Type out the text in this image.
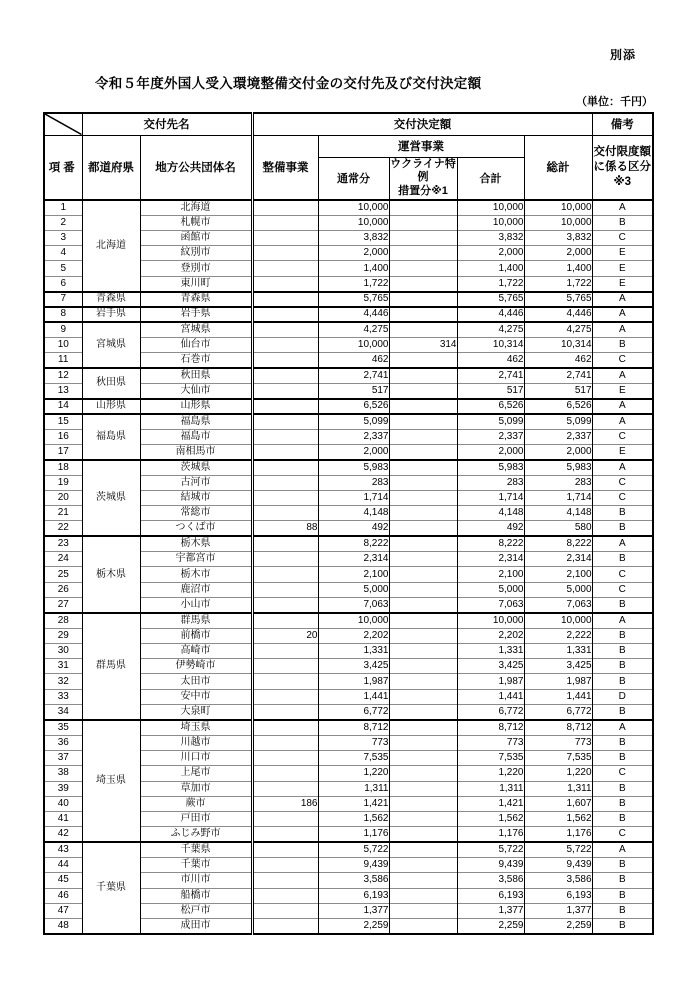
別添
令和５年度外国人受入環境整備交付金の交付先及び交付決定額
（単位：千円）
	交付先名		交付決定額					備考
項番	都道府県	地方公共団体名	整備事業	運営事業			総計	交付限度額
に係る区分
※3

				通常分	ウクライナ特例
措置分※1	合計		
1	北海道	北海道		10,000		10,000	10,000	A
2		札幌市		10,000		10,000	10,000	B
3		函館市		3,832		3,832	3,832	C
4		紋別市		2,000		2,000	2,000	E
5		登別市		1,400		1,400	1,400	E
6		東川町		1,722		1,722	1,722	E
7	青森県	青森県		5,765		5,765	5,765	A
8	岩手県	岩手県		4,446		4,446	4,446	A
9	宮城県	宮城県		4,275		4,275	4,275	A
10		仙台市		10,000	314	10,314	10,314	B
11		石巻市		462		462	462	C
12	秋田県	秋田県		2,741		2,741	2,741	A
13		大仙市		517		517	517	E
14	山形県	山形県		6,526		6,526	6,526	A
15	福島県	福島県		5,099		5,099	5,099	A
16		福島市		2,337		2,337	2,337	C
17		南相馬市		2,000		2,000	2,000	E
18	茨城県	茨城県		5,983		5,983	5,983	A
19		古河市		283		283	283	C
20		結城市		1,714		1,714	1,714	C
21		常総市		4,148		4,148	4,148	B
22		つくば市	88	492		492	580	B
23	栃木県	栃木県		8,222		8,222	8,222	A
24		宇都宮市		2,314		2,314	2,314	B
25		栃木市		2,100		2,100	2,100	C
26		鹿沼市		5,000		5,000	5,000	C
27		小山市		7,063		7,063	7,063	B
28	群馬県	群馬県		10,000		10,000	10,000	A
29		前橋市	20	2,202		2,202	2,222	B
30		高崎市		1,331		1,331	1,331	B
31		伊勢崎市		3,425		3,425	3,425	B
32		太田市		1,987		1,987	1,987	B
33		安中市		1,441		1,441	1,441	D
34		大泉町		6,772		6,772	6,772	B
35	埼玉県	埼玉県		8,712		8,712	8,712	A
36		川越市		773		773	773	B
37		川口市		7,535		7,535	7,535	B
38		上尾市		1,220		1,220	1,220	C
39		草加市		1,311		1,311	1,311	B
40		蕨市	186	1,421		1,421	1,607	B
41		戸田市		1,562		1,562	1,562	B
42		ふじみ野市		1,176		1,176	1,176	C
43	千葉県	千葉県		5,722		5,722	5,722	A
44		千葉市		9,439		9,439	9,439	B
45		市川市		3,586		3,586	3,586	B
46		船橋市		6,193		6,193	6,193	B
47		松戸市		1,377		1,377	1,377	B
48		成田市		2,259		2,259	2,259	B
